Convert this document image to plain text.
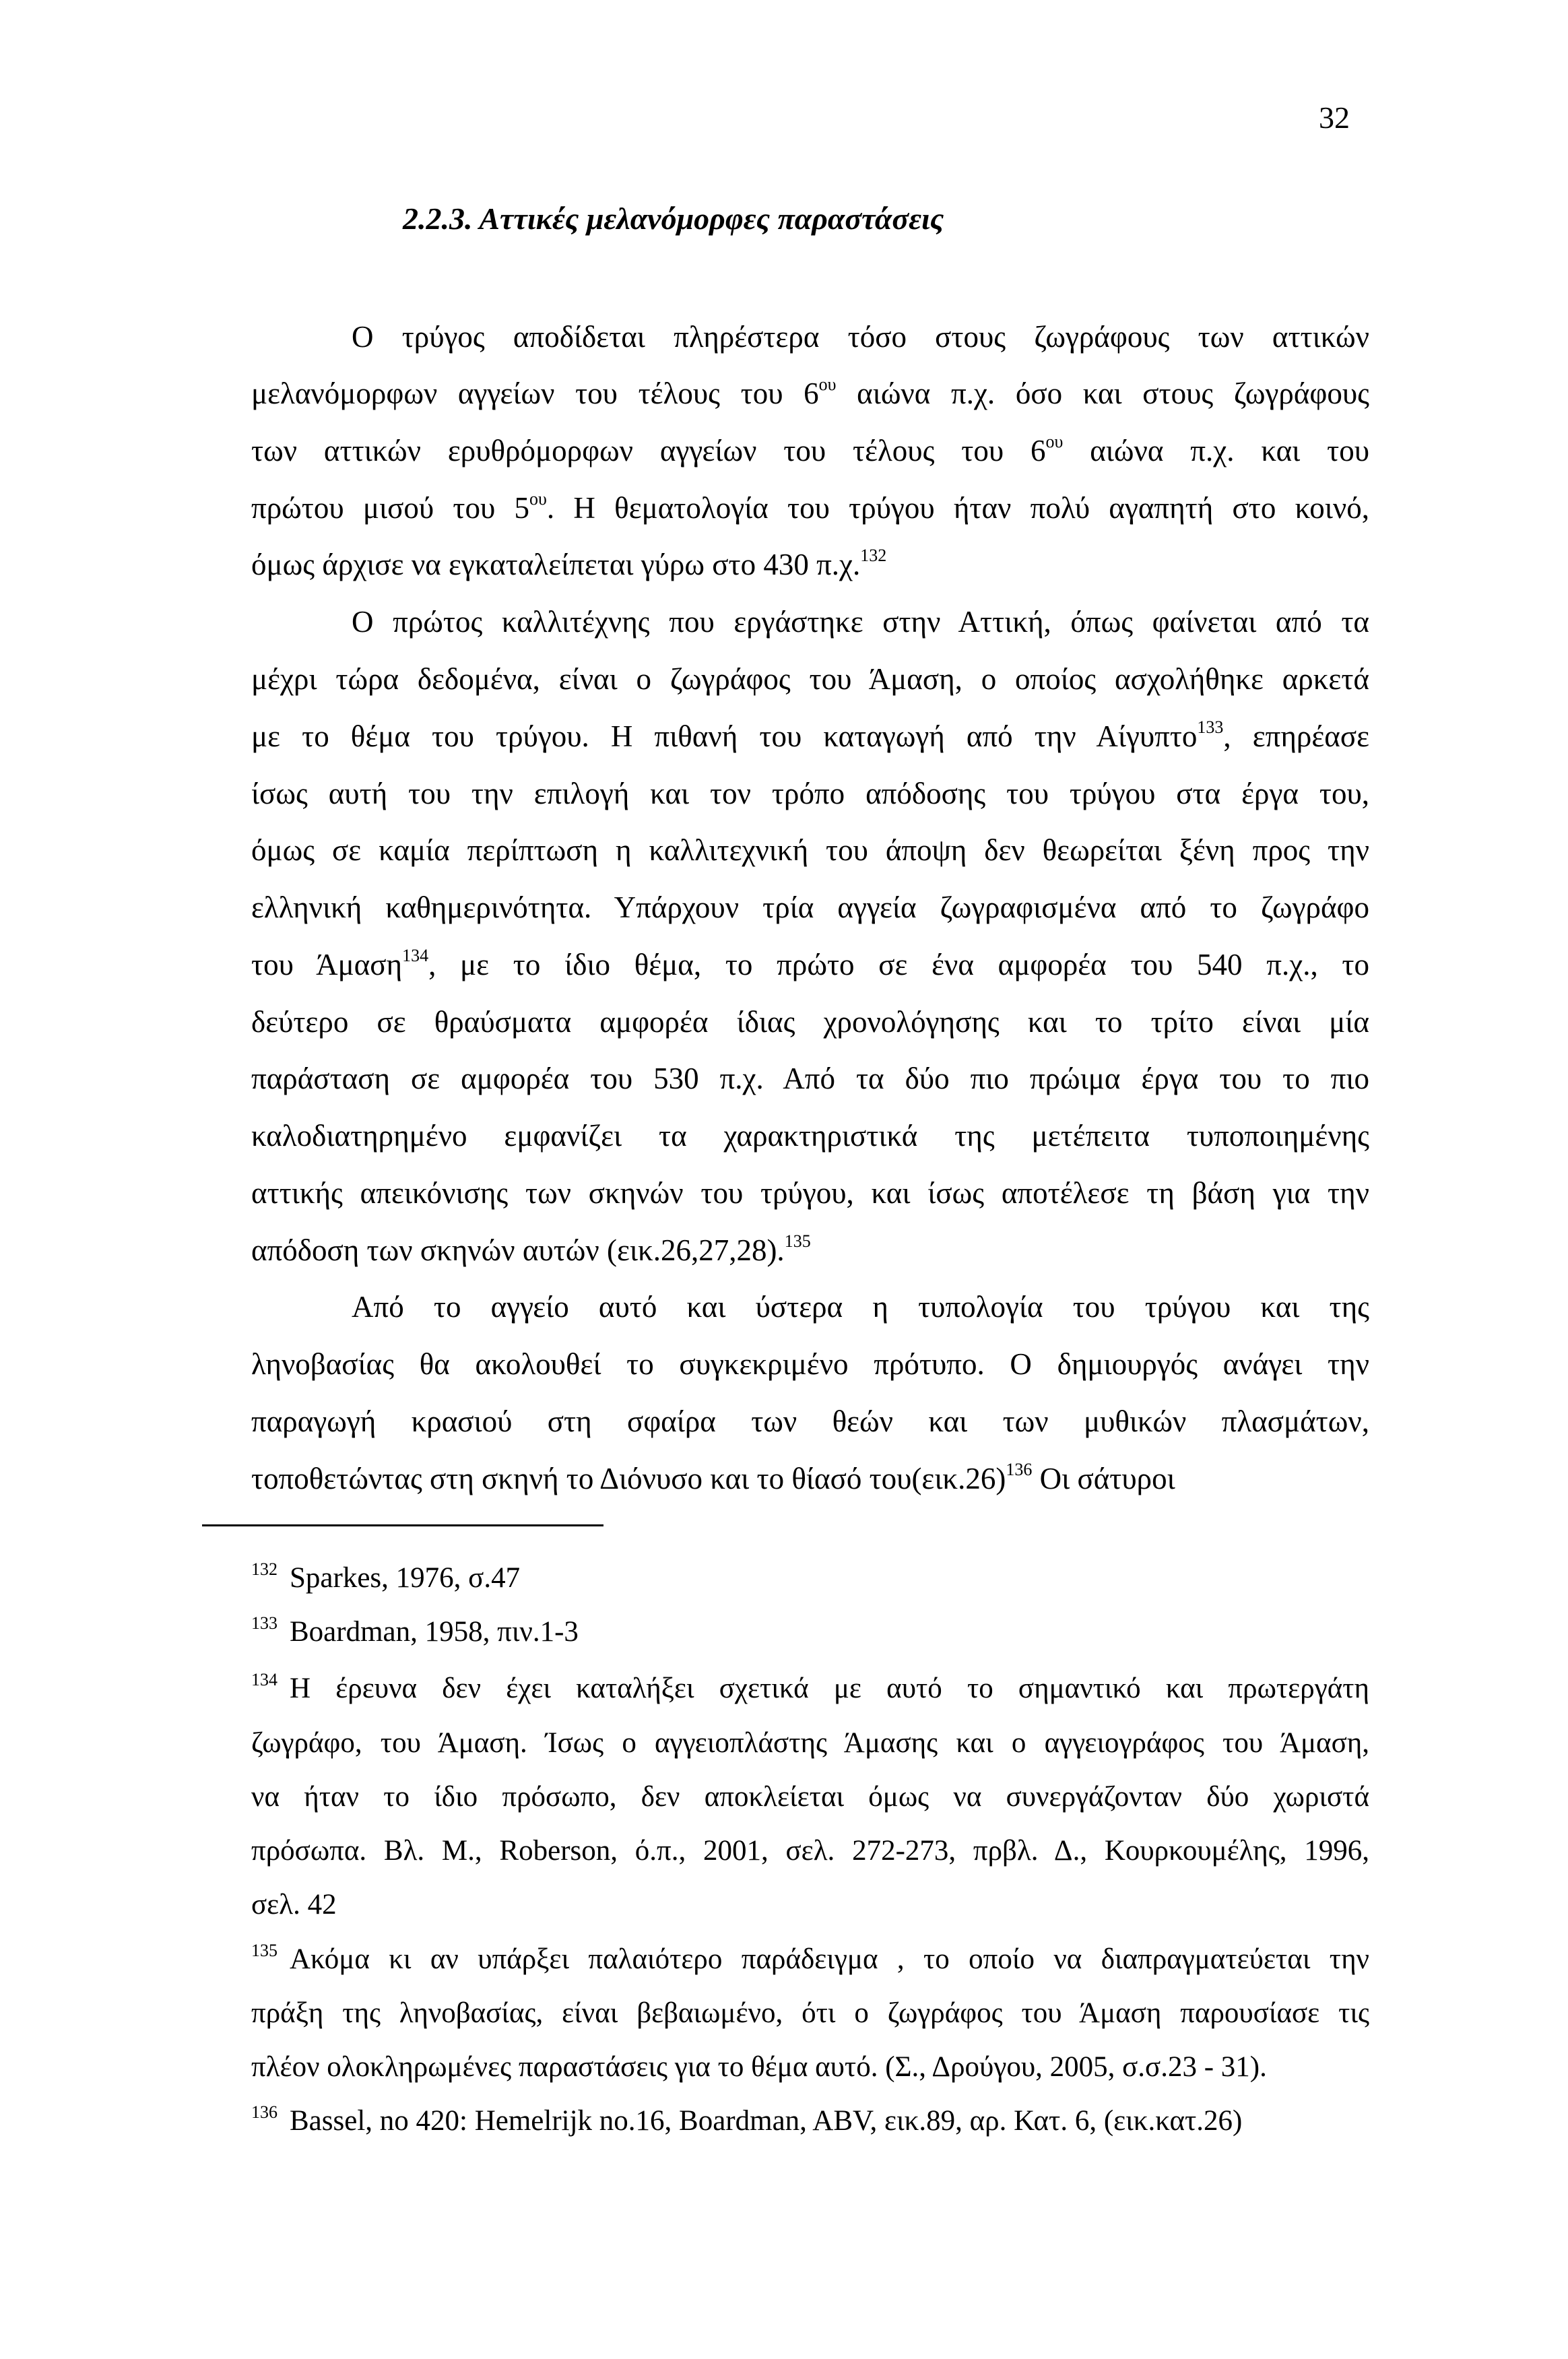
32
2.2.3. Αττικές μελανόμορφες παραστάσεις
Ο τρύγος αποδίδεται πληρέστερα τόσο στους ζωγράφους των αττικών
μελανόμορφων αγγείων του τέλους του $6^{o\upsilon}$ αιώνα π.χ. όσο και στους ζωγράφους
των αττικών ερυθρόμορφων αγγείων του τέλους του $6^{o\upsilon}$ αιώνα π.χ. και του
πρώτου μισού του $5^{o\upsilon}$. Η θεματολογία του τρύγου ήταν πολύ αγαπητή στο κοινό,
όμως άρχισε να εγκαταλείπεται γύρω στο 430 π.χ.$^{132}$
Ο πρώτος καλλιτέχνης που εργάστηκε στην Αττική, όπως φαίνεται από τα
μέχρι τώρα δεδομένα, είναι ο ζωγράφος του Άμαση, ο οποίος ασχολήθηκε αρκετά
με το θέμα του τρύγου. Η πιθανή του καταγωγή από την Αίγυπτο$^{133}$, επηρέασε
ίσως αυτή του την επιλογή και τον τρόπο απόδοσης του τρύγου στα έργα του,
όμως σε καμία περίπτωση η καλλιτεχνική του άποψη δεν θεωρείται ξένη προς την
ελληνική καθημερινότητα. Υπάρχουν τρία αγγεία ζωγραφισμένα από το ζωγράφο
του Άμαση$^{134}$, με το ίδιο θέμα, το πρώτο σε ένα αμφορέα του 540 π.χ., το
δεύτερο σε θραύσματα αμφορέα ίδιας χρονολόγησης και το τρίτο είναι μία
παράσταση σε αμφορέα του 530 π.χ. Από τα δύο πιο πρώιμα έργα του το πιο
καλοδιατηρημένο εμφανίζει τα χαρακτηριστικά της μετέπειτα τυποποιημένης
αττικής απεικόνισης των σκηνών του τρύγου, και ίσως αποτέλεσε τη βάση για την
απόδοση των σκηνών αυτών (εικ.26,27,28).$^{135}$
Από το αγγείο αυτό και ύστερα η τυπολογία του τρύγου και της
ληνοβασίας θα ακολουθεί το συγκεκριμένο πρότυπο. Ο δημιουργός ανάγει την
παραγωγή κρασιού στη σφαίρα των θεών και των μυθικών πλασμάτων,
τοποθετώντας στη σκηνή το Διόνυσο και το θίασό $\tau o\upsilon(\varepsilon\iota\kappa.26)^{136}$ Οι σάτυροι
$^{132}$ Sparkes, 1976, σ.47
$^{133}$ Boardman, 1958, πιν.1-3
$^{134}$ Η έρευνα δεν έχει καταλήξει σχετικά με αυτό το σημαντικό και πρωτεργάτη
ζωγράφο, του Άμαση. Ίσως ο αγγειοπλάστης Άμασης και ο αγγειογράφος του Άμαση,
να ήταν το ίδιο πρόσωπο, δεν αποκλείεται όμως να συνεργάζονταν δύο χωριστά
πρόσωπα. Βλ. Μ., Roberson, ό.π., 2001, σελ. 272-273, πρβλ. Δ., Κουρκουμέλης, 1996,
σελ. 42
$^{135}$ Ακόμα κι αν υπάρξει παλαιότερο παράδειγμα , το οποίο να διαπραγματεύεται την
πράξη της ληνοβασίας, είναι βεβαιωμένο, ότι ο ζωγράφος του Άμαση παρουσίασε τις
πλέον ολοκληρωμένες παραστάσεις για το θέμα αυτό. (Σ., Δρούγου, 2005, σ.σ.23 - 31).
$^{136}$ Bassel, no 420: Hemelrijk no.16, Boardman, ABV, εικ.89, αρ. Κατ. 6, (εικ.κατ.26)
